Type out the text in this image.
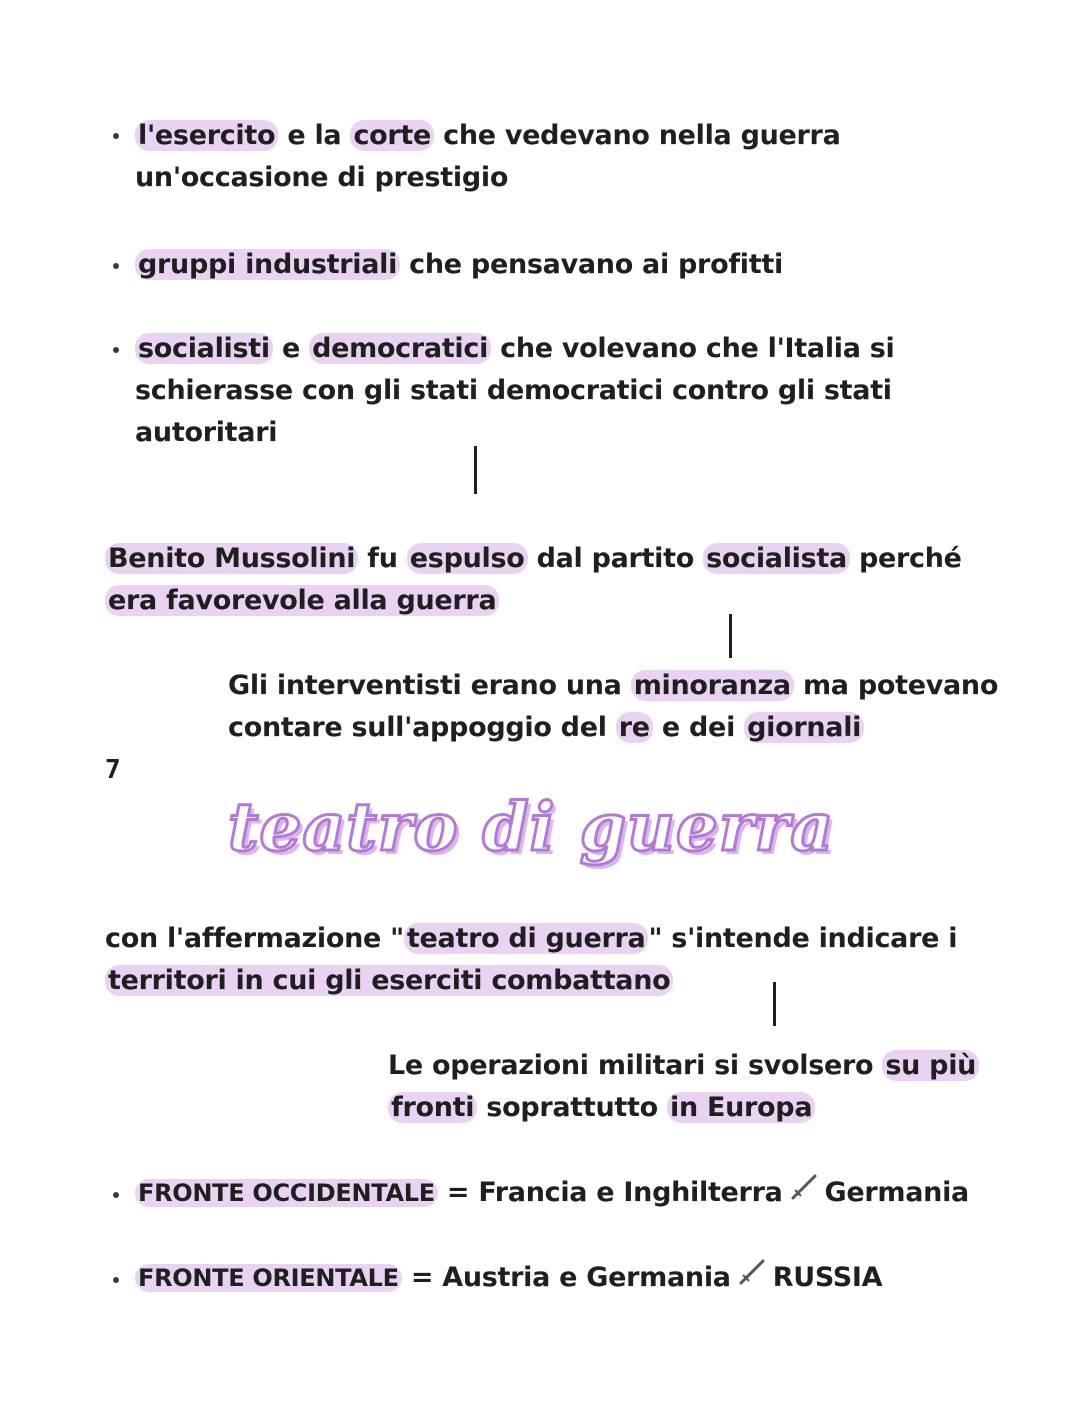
l'esercito e la corte che vedevano nella guerra
un'occasione di prestigio
gruppi industriali che pensavano ai profitti
socialisti e democratici che volevano che l'Italia si
schierasse con gli stati democratici contro gli stati
autoritari
Benito Mussolini fu espulso dal partito socialista perché
era favorevole alla guerra
Gli interventisti erano una minoranza ma potevano
contare sull'appoggio del re e dei giornali
7
teatro di guerra
con l'affermazione " teatro di guerra " s'intende indicare i
territori in cui gli eserciti combattano
Le operazioni militari si svolsero su più
fronti soprattutto in Europa
FRONTE OCCIDENTALE = Francia e Inghilterra Germania
FRONTE ORIENTALE = Austria e Germania RUSSIA
